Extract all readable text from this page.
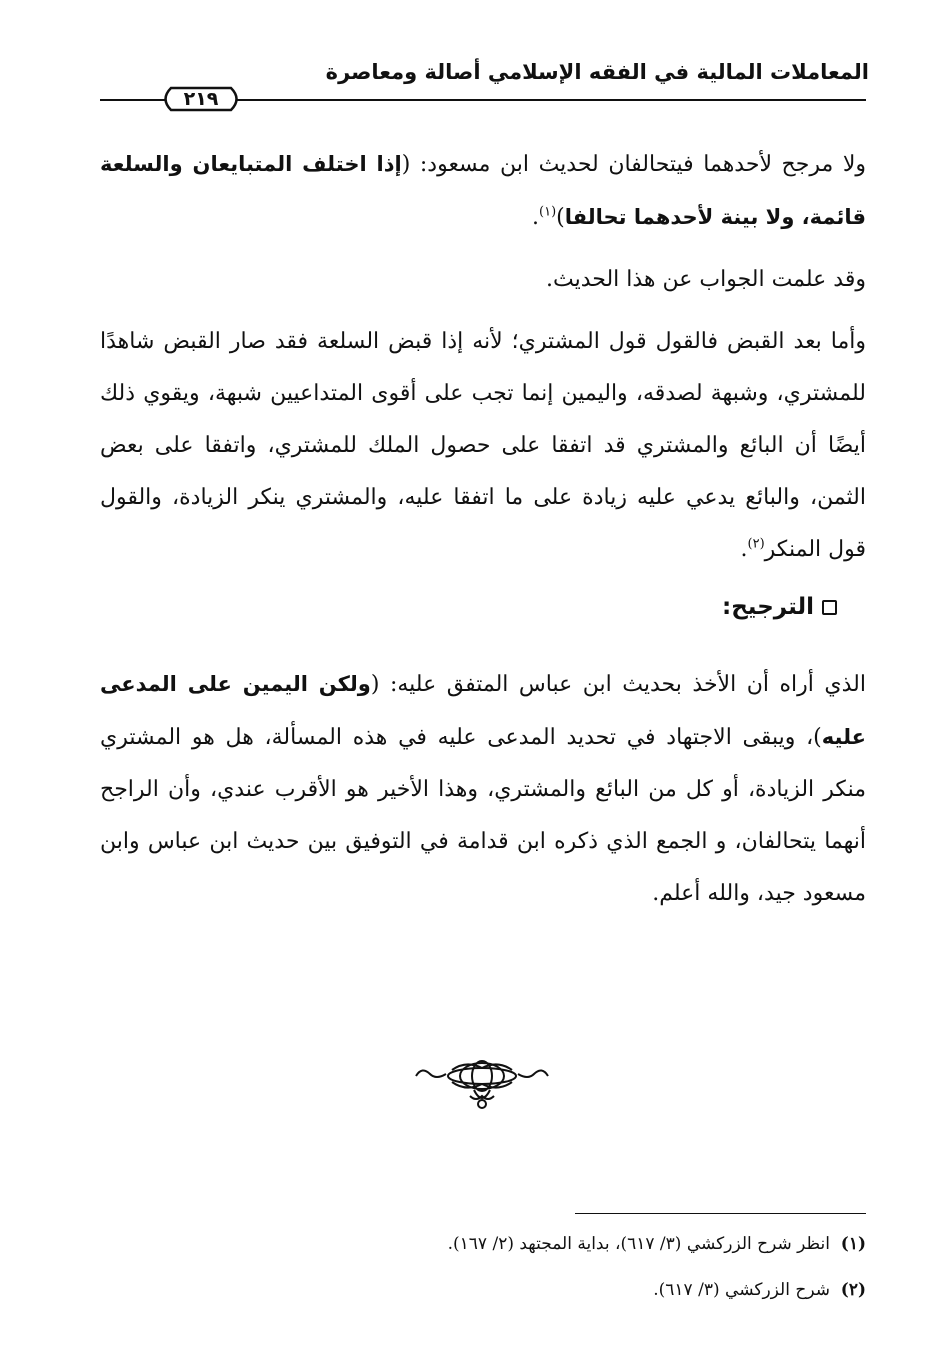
المعاملات المالية في الفقه الإسلامي أصالة ومعاصرة
٢١٩
ولا مرجح لأحدهما فيتحالفان لحديث ابن مسعود: (إذا اختلف المتبايعان والسلعة قائمة، ولا بينة لأحدهما تحالفا)$^{(١)}$.
وقد علمت الجواب عن هذا الحديث.
وأما بعد القبض فالقول قول المشتري؛ لأنه إذا قبض السلعة فقد صار القبض شاهدًا للمشتري، وشبهة لصدقه، واليمين إنما تجب على أقوى المتداعيين شبهة، ويقوي ذلك أيضًا أن البائع والمشتري قد اتفقا على حصول الملك للمشتري، واتفقا على بعض الثمن، والبائع يدعي عليه زيادة على ما اتفقا عليه، والمشتري ينكر الزيادة، والقول قول المنكر$^{(٢)}$.
الترجيح:
الذي أراه أن الأخذ بحديث ابن عباس المتفق عليه: (ولكن اليمين على المدعى عليه)، ويبقى الاجتهاد في تحديد المدعى عليه في هذه المسألة، هل هو المشتري منكر الزيادة، أو كل من البائع والمشتري، وهذا الأخير هو الأقرب عندي، وأن الراجح أنهما يتحالفان، و الجمع الذي ذكره ابن قدامة في التوفيق بين حديث ابن عباس وابن مسعود جيد، والله أعلم.
(١)  انظر شرح الزركشي (٣/ ٦١٧)، بداية المجتهد (٢/ ١٦٧).
(٢)  شرح الزركشي (٣/ ٦١٧).
